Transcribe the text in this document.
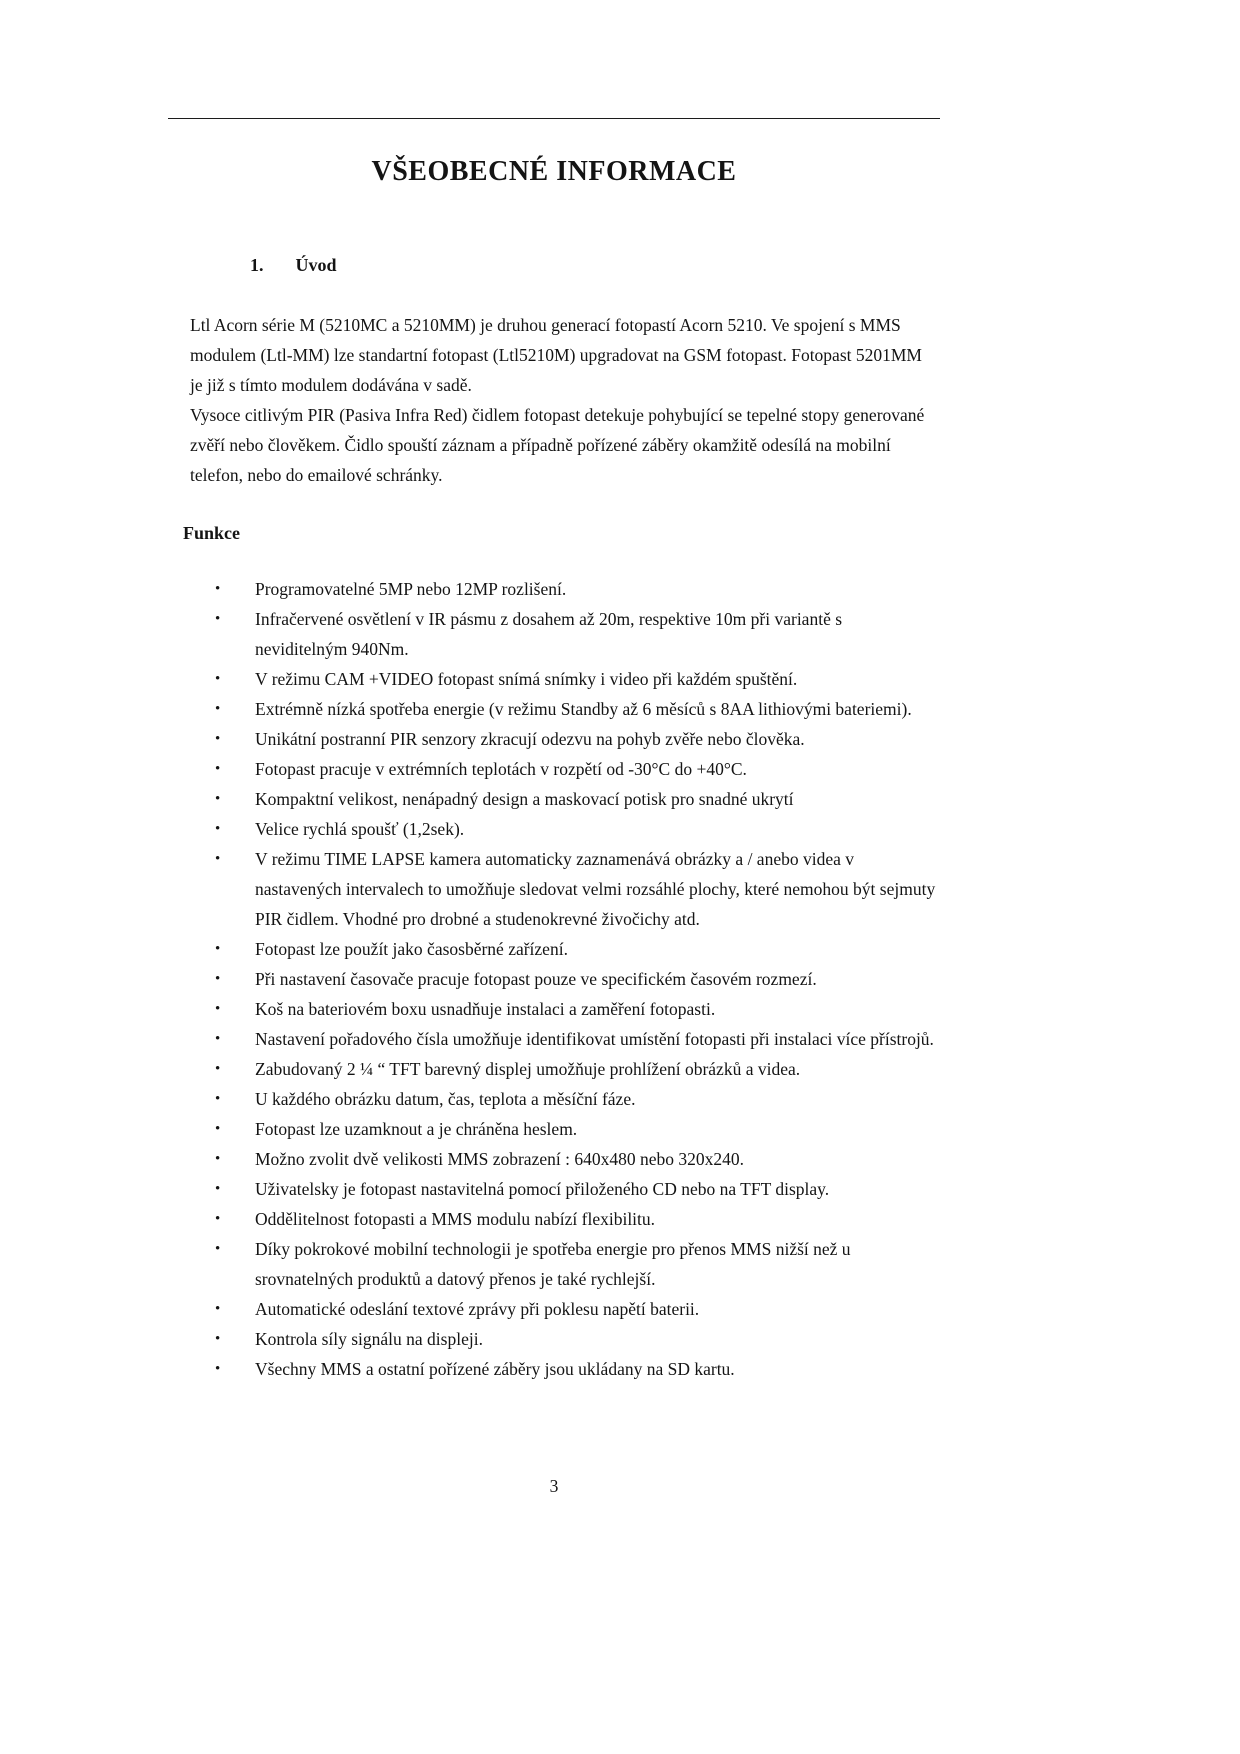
VŠEOBECNÉ INFORMACE
1. Úvod

Ltl Acorn série M (5210MC a 5210MM) je druhou generací fotopastí Acorn 5210. Ve spojení s MMS modulem (Ltl-MM) lze standartní fotopast (Ltl5210M) upgradovat na GSM fotopast. Fotopast 5201MM je již s tímto modulem dodávána v sadě.

Vysoce citlivým PIR (Pasiva Infra Red) čidlem fotopast detekuje pohybující se tepelné stopy generované zvěří nebo člověkem. Čidlo spouští záznam a případně pořízené záběry okamžitě odesílá na mobilní telefon, nebo do emailové schránky.

Funkce
•	Programovatelné 5MP nebo 12MP rozlišení.
•	Infračervené osvětlení v IR pásmu z dosahem až 20m, respektive 10m při variantě s neviditelným 940Nm.
•	V režimu CAM +VIDEO fotopast snímá snímky i video při každém spuštění.
•	Extrémně nízká spotřeba energie (v režimu Standby až 6 měsíců s 8AA lithiovými bateriemi).
•	Unikátní postranní PIR senzory zkracují odezvu na pohyb zvěře nebo člověka.
•	Fotopast pracuje v extrémních teplotách v rozpětí od -30°C do +40°C.
•	Kompaktní velikost, nenápadný design a maskovací potisk pro snadné ukrytí
•	Velice rychlá spoušť (1,2sek).
•	V režimu TIME LAPSE kamera automaticky zaznamenává obrázky a / anebo videa v nastavených intervalech to umožňuje sledovat velmi rozsáhlé plochy, které nemohou být sejmuty PIR čidlem. Vhodné pro drobné a studenokrevné živočichy atd.
•	Fotopast lze použít jako časosběrné zařízení.
•	Při nastavení časovače pracuje fotopast pouze ve specifickém časovém rozmezí.
•	Koš na bateriovém boxu usnadňuje instalaci a zaměření fotopasti.
•	Nastavení pořadového čísla umožňuje identifikovat umístění fotopasti při instalaci více přístrojů.
•	Zabudovaný 2 ¼ “ TFT barevný displej umožňuje prohlížení obrázků a videa.
•	U každého obrázku datum, čas, teplota a měsíční fáze.
•	Fotopast lze uzamknout a je chráněna heslem.
•	Možno zvolit dvě velikosti MMS zobrazení : 640x480 nebo 320x240.
•	Uživatelsky je fotopast nastavitelná pomocí přiloženého CD nebo na TFT display.
•	Oddělitelnost fotopasti a MMS modulu nabízí flexibilitu.
•	Díky pokrokové mobilní technologii je spotřeba energie pro přenos MMS nižší než u srovnatelných produktů a datový přenos je také rychlejší.
•	Automatické odeslání textové zprávy při poklesu napětí baterii.
•	Kontrola síly signálu na displeji.
•	Všechny MMS a ostatní pořízené záběry jsou ukládany na SD kartu.
3
